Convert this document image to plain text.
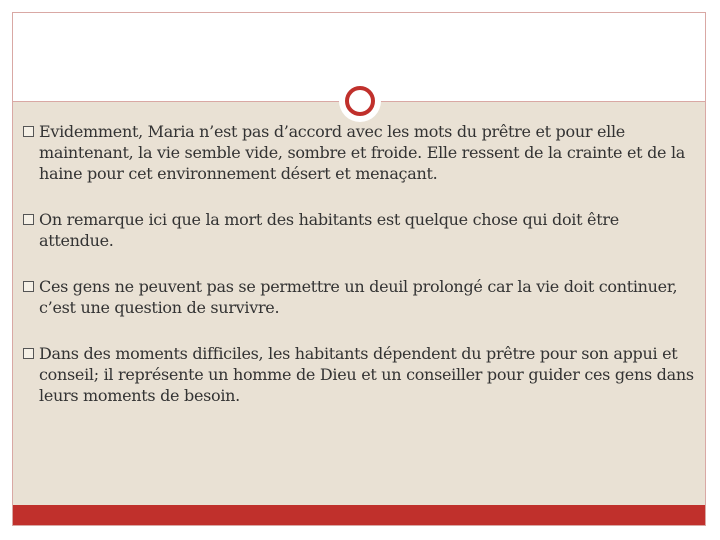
Evidemment, Maria n’est pas d’accord avec les mots du prêtre et pour elle maintenant, la vie semble vide, sombre et froide. Elle ressent de la crainte et de la haine pour cet environnement désert et menaçant.
On remarque ici que la mort des habitants est quelque chose qui doit être attendue.
Ces gens ne peuvent pas se permettre un deuil prolongé car la vie doit continuer, c’est une question de survivre.
Dans des moments difficiles, les habitants dépendent du prêtre pour son appui et conseil; il représente un homme de Dieu et un conseiller pour guider ces gens dans leurs moments de besoin.
